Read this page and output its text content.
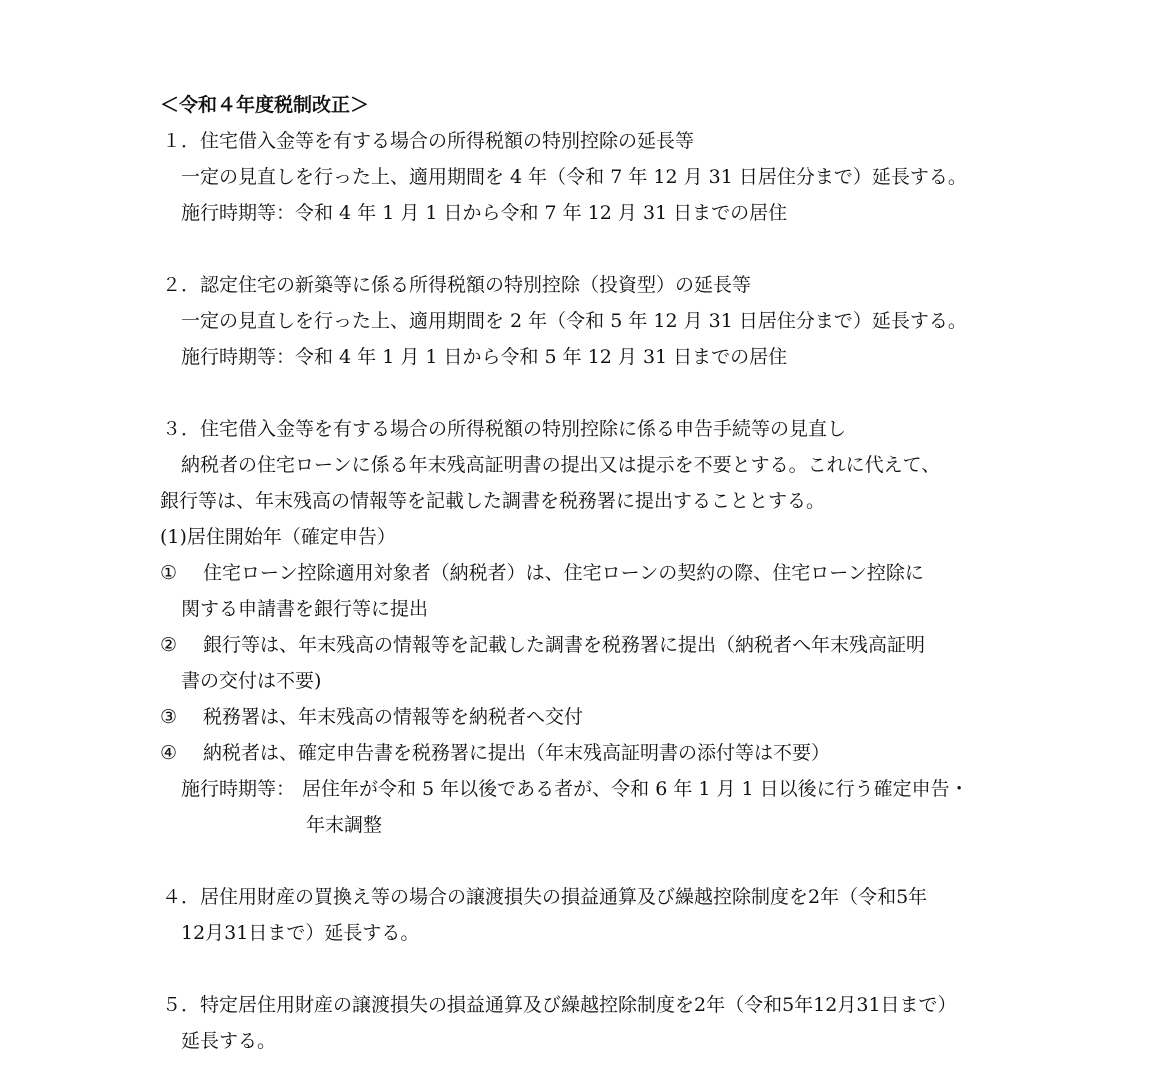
＜令和４年度税制改正＞
１．住宅借入金等を有する場合の所得税額の特別控除の延長等
一定の見直しを行った上、適用期間を 4 年（令和 7 年 12 月 31 日居住分まで）延長する。
施行時期等：令和 4 年 1 月 1 日から令和 7 年 12 月 31 日までの居住
２．認定住宅の新築等に係る所得税額の特別控除（投資型）の延長等
一定の見直しを行った上、適用期間を 2 年（令和 5 年 12 月 31 日居住分まで）延長する。
施行時期等：令和 4 年 1 月 1 日から令和 5 年 12 月 31 日までの居住
３．住宅借入金等を有する場合の所得税額の特別控除に係る申告手続等の見直し
納税者の住宅ローンに係る年末残高証明書の提出又は提示を不要とする。これに代えて、
銀行等は、年末残高の情報等を記載した調書を税務署に提出することとする。
(1)居住開始年（確定申告）
① 住宅ローン控除適用対象者（納税者）は、住宅ローンの契約の際、住宅ローン控除に
関する申請書を銀行等に提出
② 銀行等は、年末残高の情報等を記載した調書を税務署に提出（納税者へ年末残高証明
書の交付は不要)
③ 税務署は、年末残高の情報等を納税者へ交付
④ 納税者は、確定申告書を税務署に提出（年末残高証明書の添付等は不要）
施行時期等： 居住年が令和 5 年以後である者が、令和 6 年 1 月 1 日以後に行う確定申告・
年末調整
４．居住用財産の買換え等の場合の譲渡損失の損益通算及び繰越控除制度を2年（令和5年
12月31日まで）延長する。
５．特定居住用財産の譲渡損失の損益通算及び繰越控除制度を2年（令和5年12月31日まで）
延長する。
